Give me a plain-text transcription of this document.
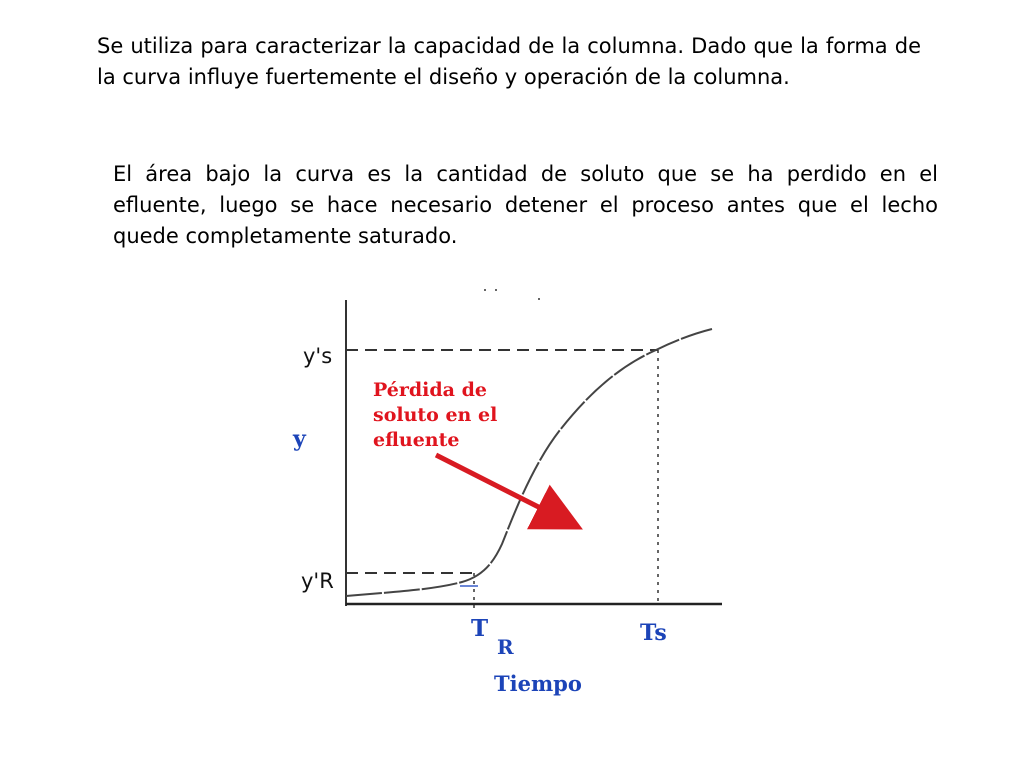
Se utiliza para caracterizar la capacidad de la columna. Dado que la forma de la curva influye fuertemente el diseño y operación de la columna.

El área bajo la curva es la cantidad de soluto que se ha perdido en el efluente, luego se hace necesario detener el proceso antes que el lecho quede completamente saturado.

y's
y'R
y
T
R
Ts
Tiempo
Pérdida de
soluto en el
efluente
